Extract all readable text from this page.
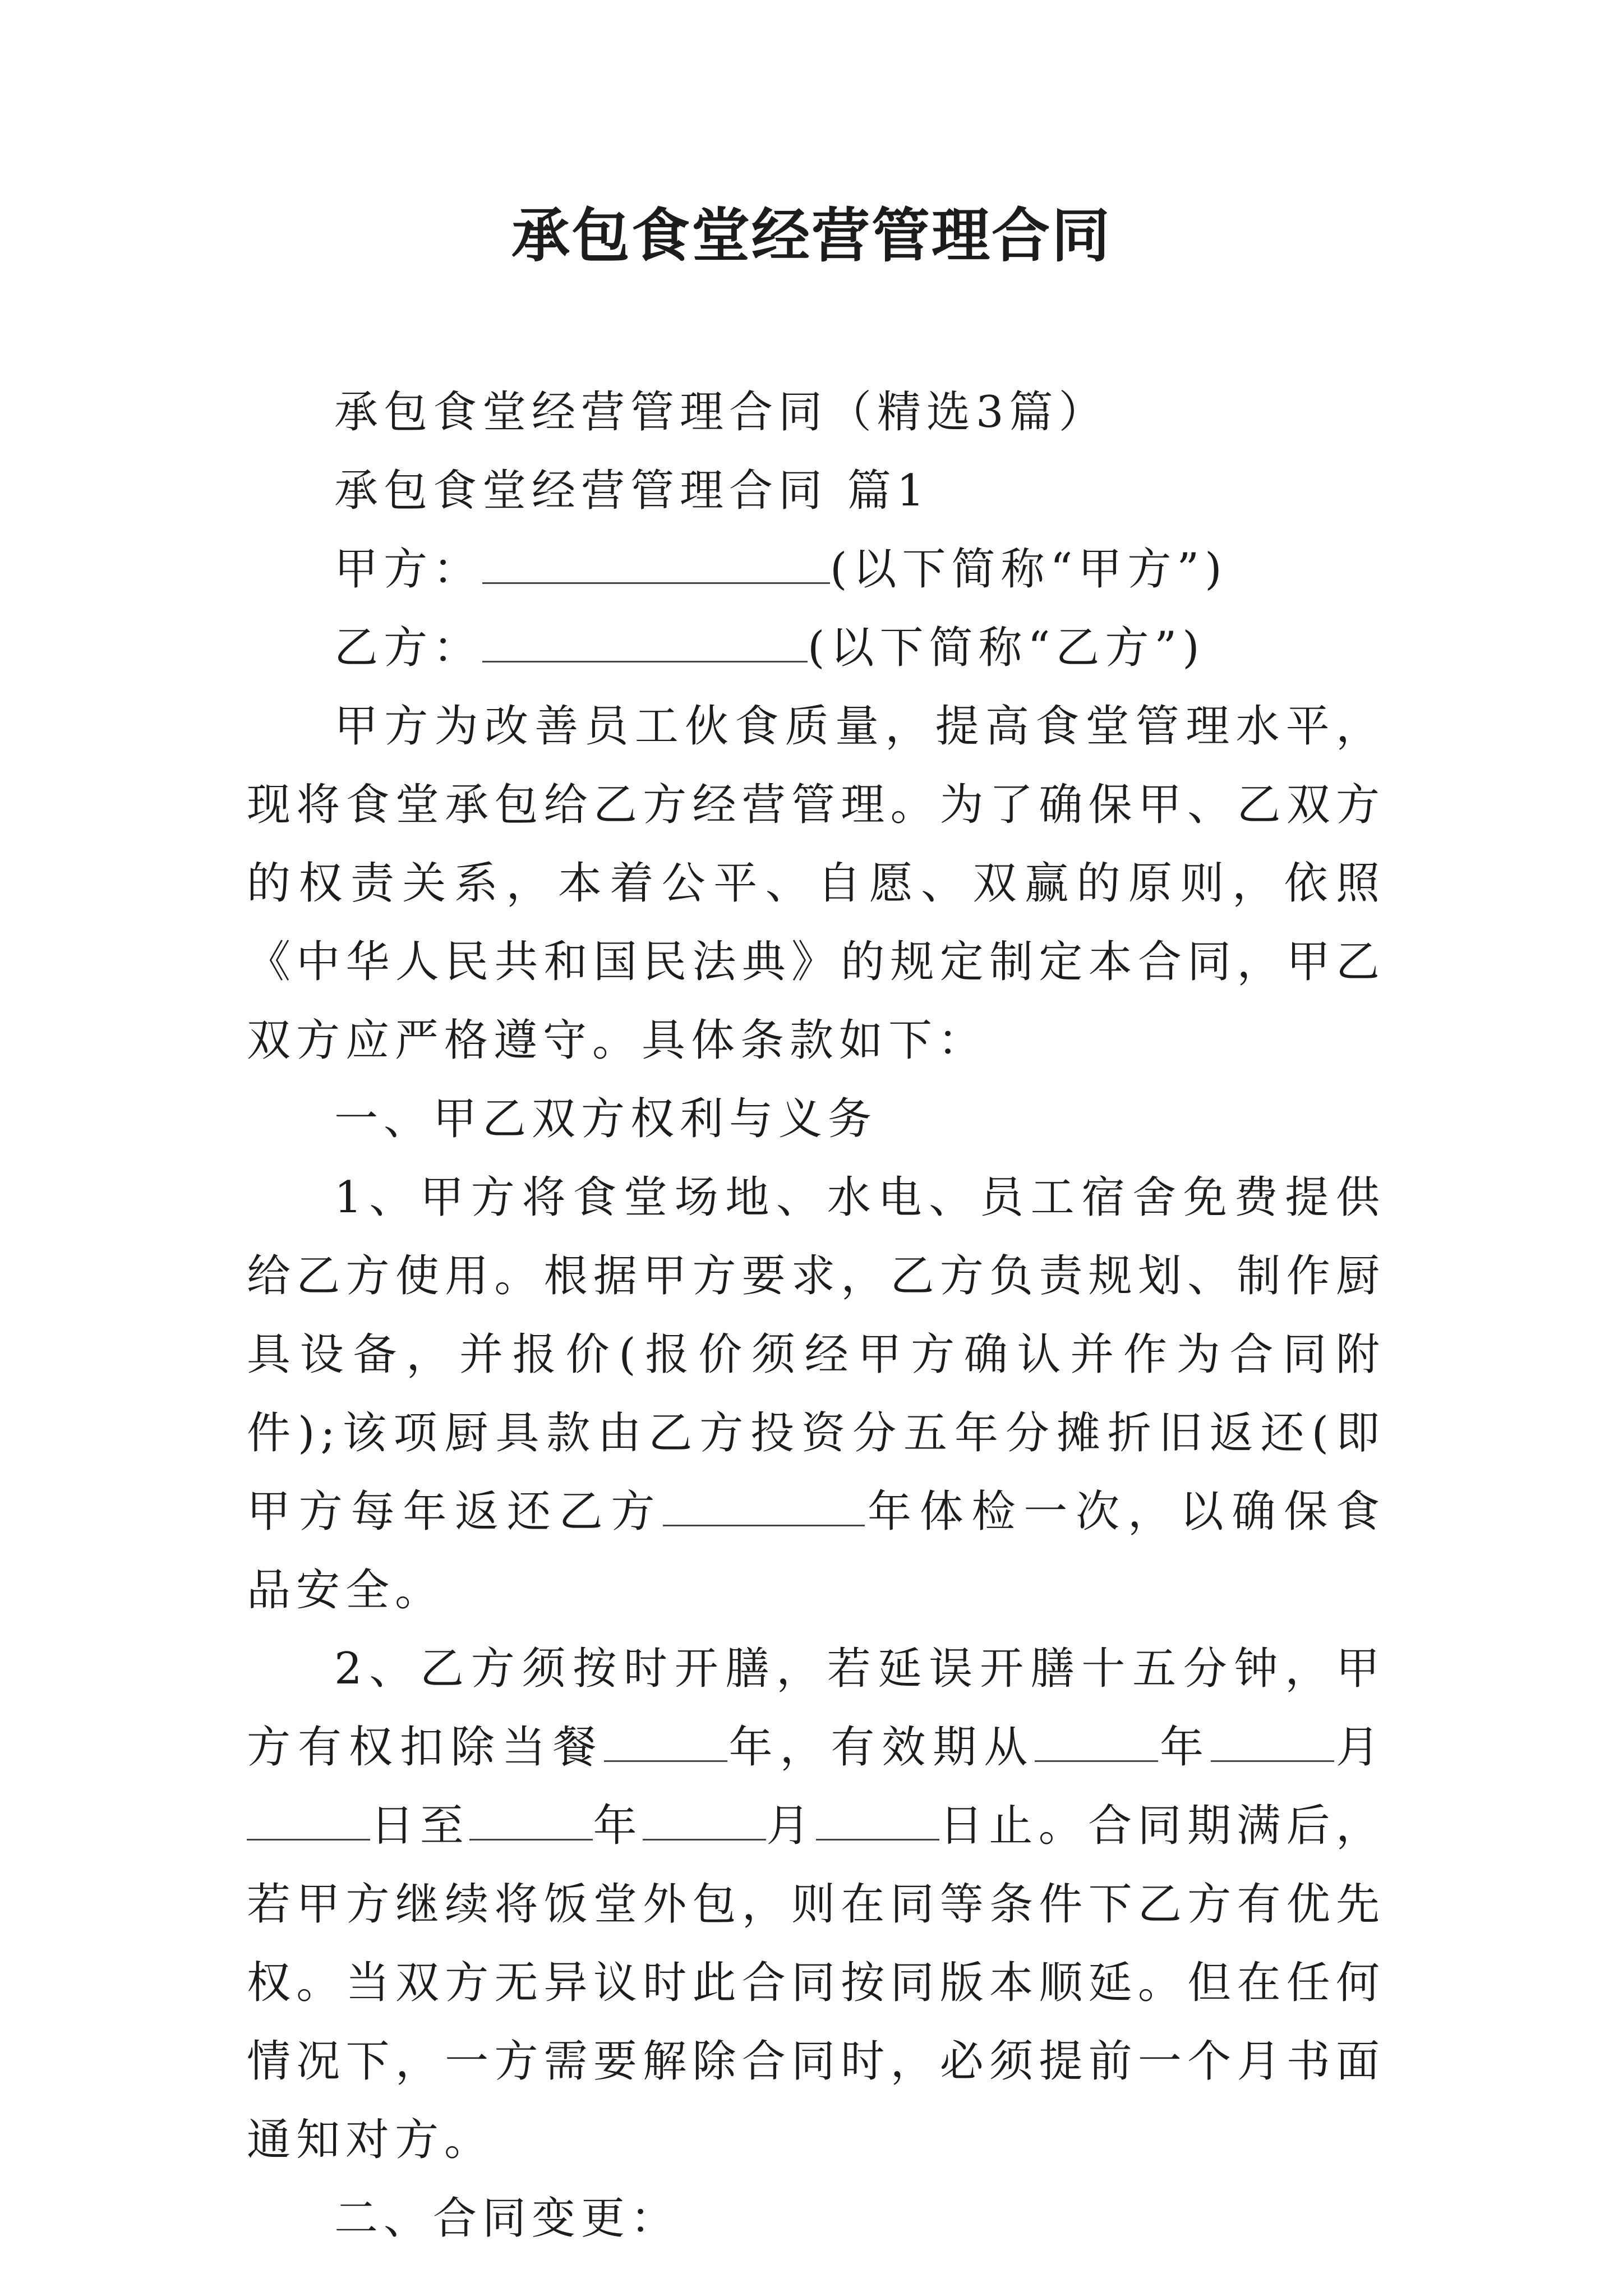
承包食堂经营管理合同

承包食堂经营管理合同（精选3篇）

承包食堂经营管理合同 篇1

甲方：	(以下简称“甲方”)

乙方：	(以下简称“乙方”)

甲方为改善员工伙食质量，提高食堂管理水平，现将食堂承包给乙方经营管理。为了确保甲、乙双方的权责关系，本着公平、自愿、双赢的原则，依照《中华人民共和国民法典》的规定制定本合同，甲乙双方应严格遵守。具体条款如下：

一、甲乙双方权利与义务

1、甲方将食堂场地、水电、员工宿舍免费提供给乙方使用。根据甲方要求，乙方负责规划、制作厨具设备，并报价(报价须经甲方确认并作为合同附件);该项厨具款由乙方投资分五年分摊折旧返还(即甲方每年返还乙方	年体检一次，以确保食品安全。

2、乙方须按时开膳，若延误开膳十五分钟，甲方有权扣除当餐	年，有效期从	年	月日至	年	月	日止。合同期满后，若甲方继续将饭堂外包，则在同等条件下乙方有优先权。当双方无异议时此合同按同版本顺延。但在任何情况下，一方需要解除合同时，必须提前一个月书面通知对方。

二、合同变更：
